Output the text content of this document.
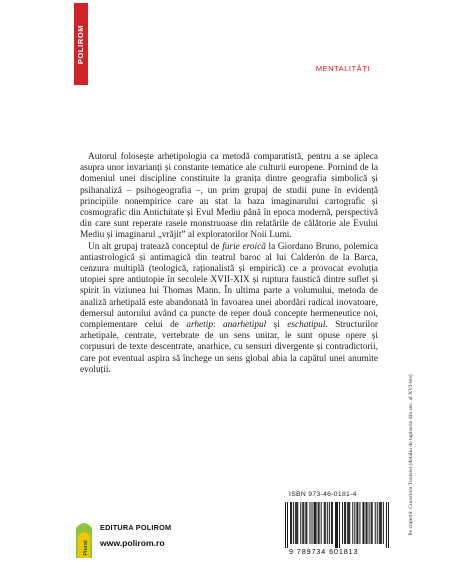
POLIROM
MENTALITĂȚI

Autorul folosește arhetipologia ca metodă comparatistă, pentru a se apleca asupra unor invarianți și constante tematice ale culturii europene. Pornind de la domeniul unei discipline constituite la granița dintre geografia simbolică și psihanaliză – psihogeografia –, un prim grupaj de studii pune în evidență principiile nonempirice care au stat la baza imaginarului cartografic și cosmografic din Antichitate și Evul Mediu până în epoca modernă, perspectivă din care sunt reperate rasele monstruoase din relatările de călătorie ale Evului Mediu și imaginarul „vrăjit” al exploratorilor Noii Lumi.

Un alt grupaj tratează conceptul de furie eroică la Giordano Bruno, polemica antiastrologică și antimagică din teatrul baroc al lui Calderón de la Barca, cenzura multiplă (teologică, raționalistă și empirică) ce a provocat evoluția utopiei spre antiutopie în secolele XVII-XIX și ruptura faustică dintre suflet și spirit în viziunea lui Thomas Mann. În ultima parte a volumului, metoda de analiză arhetipală este abandonată în favoarea unei abordări radical inovatoare, demersul autorului având ca puncte de reper două concepte hermeneutice noi, complementare celui de arhetip: anarhetipul și eschatipul. Structurilor arhetipale, centrate, vertebrate de un sens unitar, le sunt opuse opere și corpusuri de texte descentrate, anarhice, cu sensuri divergente și contradictorii, care pot eventual aspira să închege un sens global abia la capătul unei anumite evoluții.

ISBN 973-46-0181-4
9 789734 601813
Plural
EDITURA POLIROM
www.polirom.ro
Pe copertă: Cucerirea Tunisiei (detaliu de tapiserie din sec. al XVI-lea)
